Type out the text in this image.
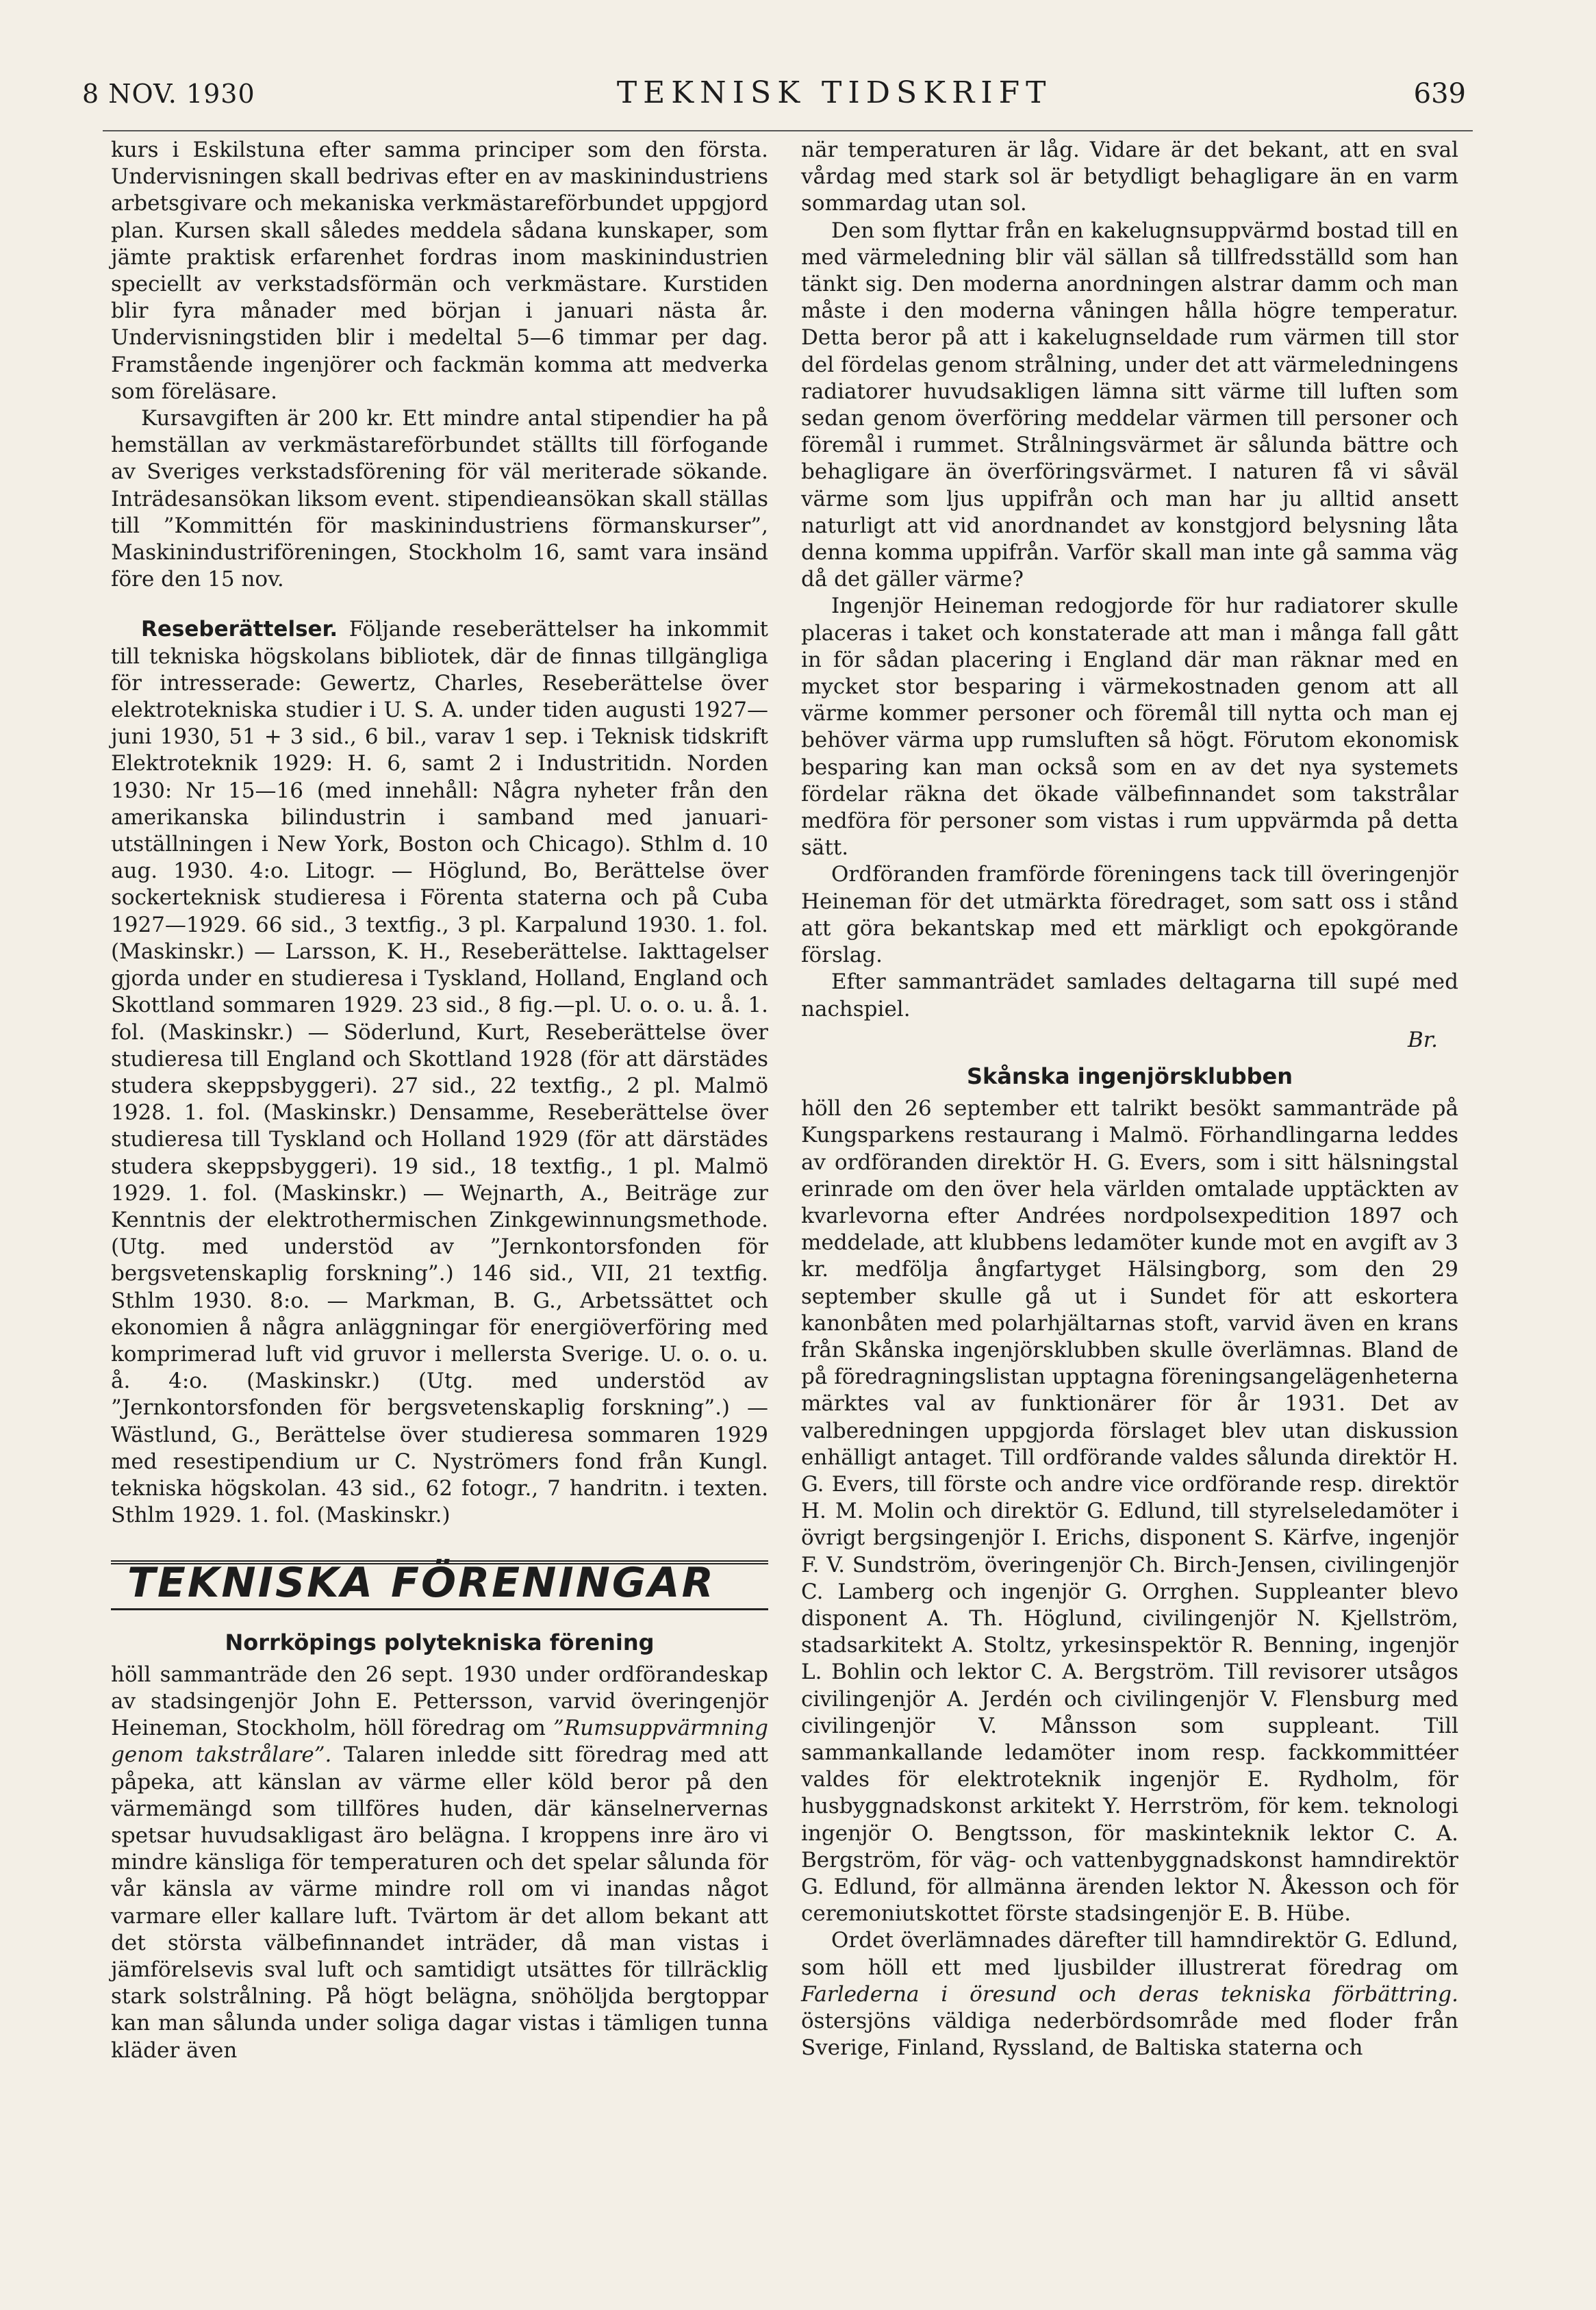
8 NOV. 1930	TEKNISK TIDSKRIFT	639

kurs i Eskilstuna efter samma principer som den första. Undervisningen skall bedrivas efter en av maskinindustriens arbetsgivare och mekaniska verkmästareförbundet uppgjord plan. Kursen skall således meddela sådana kunskaper, som jämte praktisk erfarenhet fordras inom maskinindustrien speciellt av verkstadsförmän och verkmästare. Kurstiden blir fyra månader med början i januari nästa år. Undervisningstiden blir i medeltal 5—6 timmar per dag. Framstående ingenjörer och fackmän komma att medverka som föreläsare.

Kursavgiften är 200 kr. Ett mindre antal stipendier ha på hemställan av verkmästareförbundet ställts till förfogande av Sveriges verkstadsförening för väl meriterade sökande. Inträdesansökan liksom event. stipendieansökan skall ställas till ”Kommittén för maskinindustriens förmanskurser”, Maskinindustriföreningen, Stockholm 16, samt vara insänd före den 15 nov.

Reseberättelser. Följande reseberättelser ha inkommit till tekniska högskolans bibliotek, där de finnas tillgängliga för intresserade: Gewertz, Charles, Reseberättelse över elektrotekniska studier i U. S. A. under tiden augusti 1927—juni 1930, 51 + 3 sid., 6 bil., varav 1 sep. i Teknisk tidskrift Elektroteknik 1929: H. 6, samt 2 i Industritidn. Norden 1930: Nr 15—16 (med innehåll: Några nyheter från den amerikanska bilindustrin i samband med januari-utställningen i New York, Boston och Chicago). Sthlm d. 10 aug. 1930. 4:o. Litogr. — Höglund, Bo, Berättelse över sockerteknisk studieresa i Förenta staterna och på Cuba 1927—1929. 66 sid., 3 textfig., 3 pl. Karpalund 1930. 1. fol. (Maskinskr.) — Larsson, K. H., Reseberättelse. Iakttagelser gjorda under en studieresa i Tyskland, Holland, England och Skottland sommaren 1929. 23 sid., 8 fig.—pl. U. o. o. u. å. 1. fol. (Maskinskr.) — Söderlund, Kurt, Reseberättelse över studieresa till England och Skottland 1928 (för att därstädes studera skeppsbyggeri). 27 sid., 22 textfig., 2 pl. Malmö 1928. 1. fol. (Maskinskr.) Densamme, Reseberättelse över studieresa till Tyskland och Holland 1929 (för att därstädes studera skeppsbyggeri). 19 sid., 18 textfig., 1 pl. Malmö 1929. 1. fol. (Maskinskr.) — Wejnarth, A., Beiträge zur Kenntnis der elektrothermischen Zinkgewinnungsmethode. (Utg. med understöd av ”Jernkontorsfonden för bergsvetenskaplig forskning”.) 146 sid., VII, 21 textfig. Sthlm 1930. 8:o. — Markman, B. G., Arbetssättet och ekonomien å några anläggningar för energiöverföring med komprimerad luft vid gruvor i mellersta Sverige. U. o. o. u. å. 4:o. (Maskinskr.) (Utg. med understöd av ”Jernkontorsfonden för bergsvetenskaplig forskning”.) — Wästlund, G., Berättelse över studieresa sommaren 1929 med resestipendium ur C. Nyströmers fond från Kungl. tekniska högskolan. 43 sid., 62 fotogr., 7 handritn. i texten. Sthlm 1929. 1. fol. (Maskinskr.)

TEKNISKA FÖRENINGAR
Norrköpings polytekniska förening

höll sammanträde den 26 sept. 1930 under ordförandeskap av stadsingenjör John E. Pettersson, varvid överingenjör Heineman, Stockholm, höll föredrag om ”Rumsuppvärmning genom takstrålare”. Talaren inledde sitt föredrag med att påpeka, att känslan av värme eller köld beror på den värmemängd som tillföres huden, där känselnervernas spetsar huvudsakligast äro belägna. I kroppens inre äro vi mindre känsliga för temperaturen och det spelar sålunda för vår känsla av värme mindre roll om vi inandas något varmare eller kallare luft. Tvärtom är det allom bekant att det största välbefinnandet inträder, då man vistas i jämförelsevis sval luft och samtidigt utsättes för tillräcklig stark solstrålning. På högt belägna, snöhöljda bergtoppar kan man sålunda under soliga dagar vistas i tämligen tunna kläder även

när temperaturen är låg. Vidare är det bekant, att en sval vårdag med stark sol är betydligt behagligare än en varm sommardag utan sol.

Den som flyttar från en kakelugnsuppvärmd bostad till en med värmeledning blir väl sällan så tillfredsställd som han tänkt sig. Den moderna anordningen alstrar damm och man måste i den moderna våningen hålla högre temperatur. Detta beror på att i kakelugnseldade rum värmen till stor del fördelas genom strålning, under det att värmeledningens radiatorer huvudsakligen lämna sitt värme till luften som sedan genom överföring meddelar värmen till personer och föremål i rummet. Strålningsvärmet är sålunda bättre och behagligare än överföringsvärmet. I naturen få vi såväl värme som ljus uppifrån och man har ju alltid ansett naturligt att vid anordnandet av konstgjord belysning låta denna komma uppifrån. Varför skall man inte gå samma väg då det gäller värme?

Ingenjör Heineman redogjorde för hur radiatorer skulle placeras i taket och konstaterade att man i många fall gått in för sådan placering i England där man räknar med en mycket stor besparing i värmekostnaden genom att all värme kommer personer och föremål till nytta och man ej behöver värma upp rumsluften så högt. Förutom ekonomisk besparing kan man också som en av det nya systemets fördelar räkna det ökade välbefinnandet som takstrålar medföra för personer som vistas i rum uppvärmda på detta sätt.

Ordföranden framförde föreningens tack till överingenjör Heineman för det utmärkta föredraget, som satt oss i stånd att göra bekantskap med ett märkligt och epokgörande förslag.

Efter sammanträdet samlades deltagarna till supé med nachspiel.

Br.
Skånska ingenjörsklubben

höll den 26 september ett talrikt besökt sammanträde på Kungsparkens restaurang i Malmö. Förhandlingarna leddes av ordföranden direktör H. G. Evers, som i sitt hälsningstal erinrade om den över hela världen omtalade upptäckten av kvarlevorna efter Andrées nordpolsexpedition 1897 och meddelade, att klubbens ledamöter kunde mot en avgift av 3 kr. medfölja ångfartyget Hälsingborg, som den 29 september skulle gå ut i Sundet för att eskortera kanonbåten med polarhjältarnas stoft, varvid även en krans från Skånska ingenjörsklubben skulle överlämnas. Bland de på föredragningslistan upptagna föreningsangelägenheterna märktes val av funktionärer för år 1931. Det av valberedningen uppgjorda förslaget blev utan diskussion enhälligt antaget. Till ordförande valdes sålunda direktör H. G. Evers, till förste och andre vice ordförande resp. direktör H. M. Molin och direktör G. Edlund, till styrelseledamöter i övrigt bergsingenjör I. Erichs, disponent S. Kärfve, ingenjör F. V. Sundström, överingenjör Ch. Birch-Jensen, civilingenjör C. Lamberg och ingenjör G. Orrghen. Suppleanter blevo disponent A. Th. Höglund, civilingenjör N. Kjellström, stadsarkitekt A. Stoltz, yrkesinspektör R. Benning, ingenjör L. Bohlin och lektor C. A. Bergström. Till revisorer utsågos civilingenjör A. Jerdén och civilingenjör V. Flensburg med civilingenjör V. Månsson som suppleant. Till sammankallande ledamöter inom resp. fackkommittéer valdes för elektroteknik ingenjör E. Rydholm, för husbyggnadskonst arkitekt Y. Herrström, för kem. teknologi ingenjör O. Bengtsson, för maskinteknik lektor C. A. Bergström, för väg- och vattenbyggnadskonst hamndirektör G. Edlund, för allmänna ärenden lektor N. Åkesson och för ceremoniutskottet förste stadsingenjör E. B. Hübe.

Ordet överlämnades därefter till hamndirektör G. Edlund, som höll ett med ljusbilder illustrerat föredrag om Farlederna i öresund och deras tekniska förbättring. östersjöns väldiga nederbördsområde med floder från Sverige, Finland, Ryssland, de Baltiska staterna och
